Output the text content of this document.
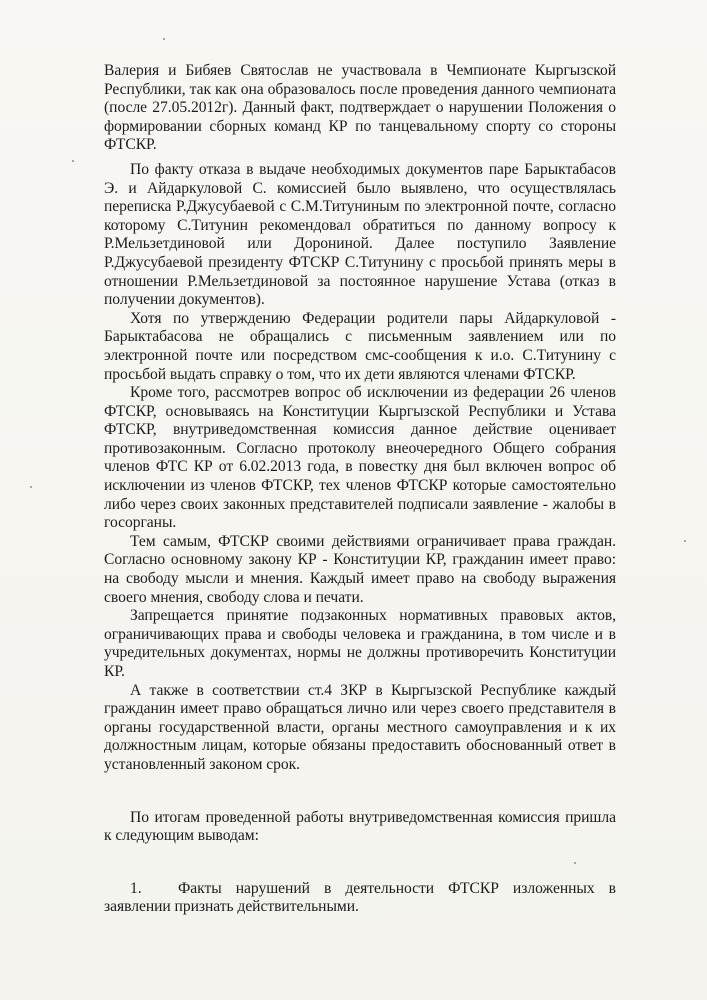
Валерия и Бибяев Святослав не участвовала в Чемпионате Кыргызской Республики, так как она образовалось после проведения данного чемпионата (после 27.05.2012г). Данный факт, подтверждает о нарушении Положения о формировании сборных команд КР по танцевальному спорту со стороны ФТСКР.

По факту отказа в выдаче необходимых документов паре Барыктабасов Э. и Айдаркуловой С. комиссией было выявлено, что осуществлялась переписка Р.Джусубаевой с С.М.Титуниным по электронной почте, согласно которому С.Титунин рекомендовал обратиться по данному вопросу к Р.Мельзетдиновой или Дорониной. Далее поступило Заявление Р.Джусубаевой президенту ФТСКР С.Титунину с просьбой принять меры в отношении Р.Мельзетдиновой за постоянное нарушение Устава (отказ в получении документов).

Хотя по утверждению Федерации родители пары Айдаркуловой - Барыктабасова не обращались с письменным заявлением или по электронной почте или посредством смс-сообщения к и.о. С.Титунину с просьбой выдать справку о том, что их дети являются членами ФТСКР.

Кроме того, рассмотрев вопрос об исключении из федерации 26 членов ФТСКР, основываясь на Конституции Кыргызской Республики и Устава ФТСКР, внутриведомственная комиссия данное действие оценивает противозаконным. Согласно протоколу внеочередного Общего собрания членов ФТС КР от 6.02.2013 года, в повестку дня был включен вопрос об исключении из членов ФТСКР, тех членов ФТСКР которые самостоятельно либо через своих законных представителей подписали заявление - жалобы в госорганы.

Тем самым, ФТСКР своими действиями ограничивает права граждан. Согласно основному закону КР - Конституции КР, гражданин имеет право: на свободу мысли и мнения. Каждый имеет право на свободу выражения своего мнения, свободу слова и печати.

Запрещается принятие подзаконных нормативных правовых актов, ограничивающих права и свободы человека и гражданина, в том числе и в учредительных документах, нормы не должны противоречить Конституции КР.

А также в соответствии ст.4 ЗКР в Кыргызской Республике каждый гражданин имеет право обращаться лично или через своего представителя в органы государственной власти, органы местного самоуправления и к их должностным лицам, которые обязаны предоставить обоснованный ответ в установленный законом срок.

По итогам проведенной работы внутриведомственная комиссия пришла к следующим выводам:

1. Факты нарушений в деятельности ФТСКР изложенных в заявлении признать действительными.
